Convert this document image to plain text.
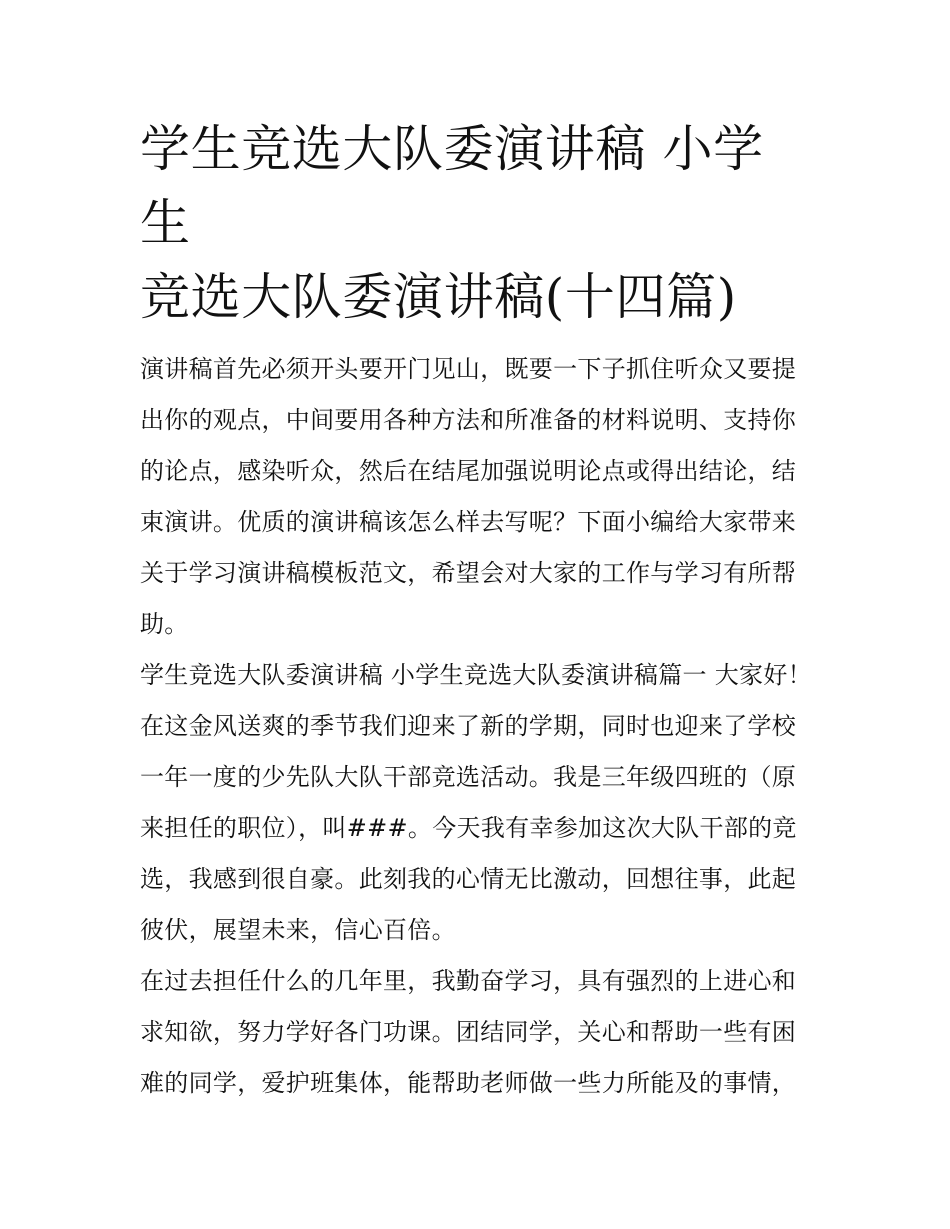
学生竞选大队委演讲稿 小学生
竞选大队委演讲稿(十四篇)

演讲稿首先必须开头要开门见山，既要一下子抓住听众又要提出你的观点，中间要用各种方法和所准备的材料说明、支持你的论点，感染听众，然后在结尾加强说明论点或得出结论，结束演讲。优质的演讲稿该怎么样去写呢？下面小编给大家带来关于学习演讲稿模板范文，希望会对大家的工作与学习有所帮助。

学生竞选大队委演讲稿 小学生竞选大队委演讲稿篇一 大家好！

在这金风送爽的季节我们迎来了新的学期，同时也迎来了学校一年一度的少先队大队干部竞选活动。我是三年级四班的（原来担任的职位），叫###。今天我有幸参加这次大队干部的竞选，我感到很自豪。此刻我的心情无比激动，回想往事，此起彼伏，展望未来，信心百倍。

在过去担任什么的几年里，我勤奋学习，具有强烈的上进心和求知欲，努力学好各门功课。团结同学，关心和帮助一些有困难的同学，爱护班集体，能帮助老师做一些力所能及的事情，
